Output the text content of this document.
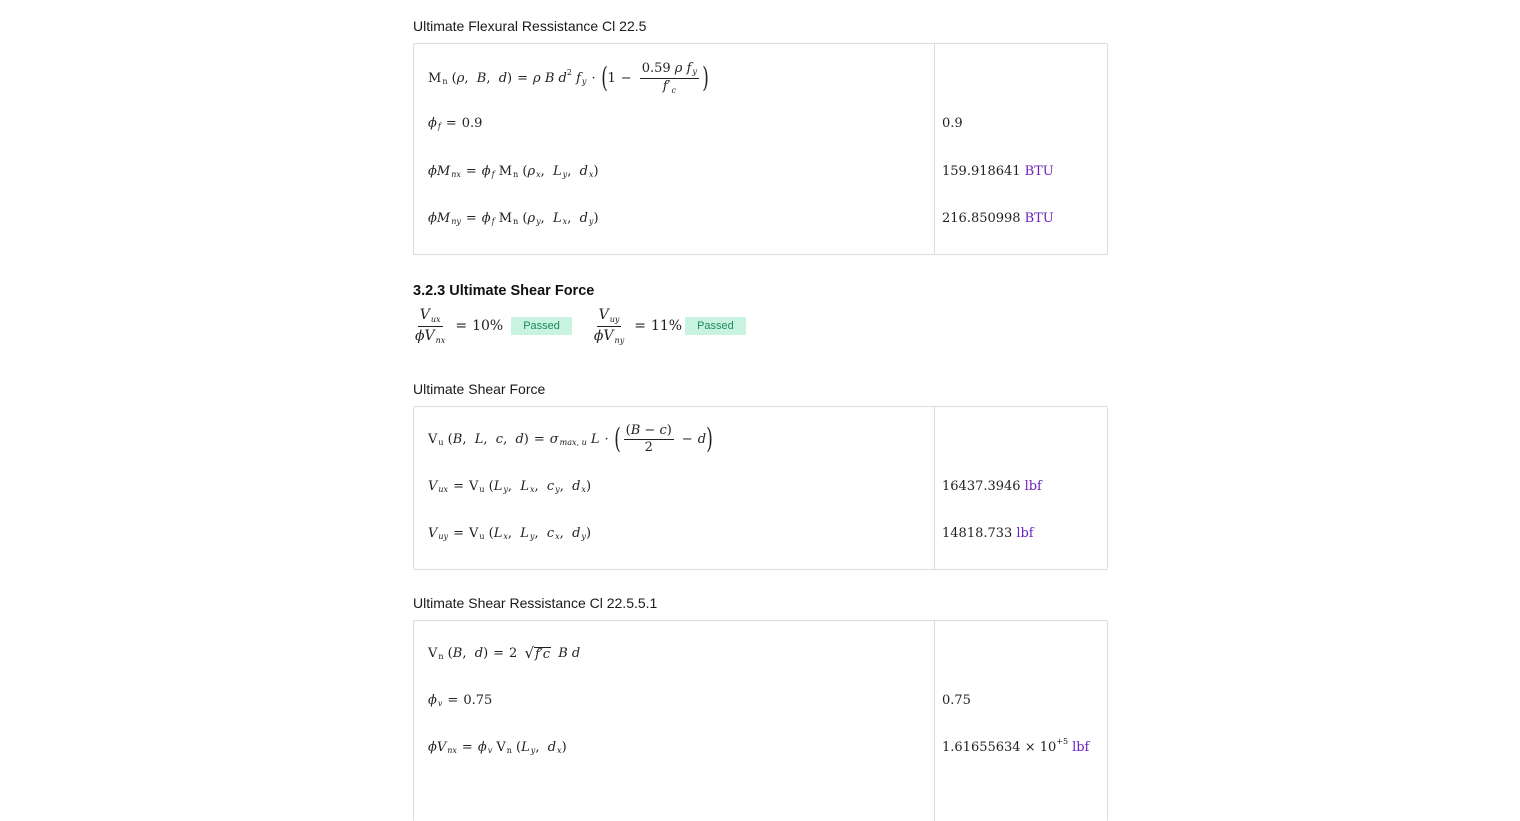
Ultimate Flexural Ressistance Cl 22.5
M n ( ρ , B , d ) = ρ
B
d 2
f y · ( $1 - \frac{\text{0.59 ρ fy}}{f'_c}$ )
ϕ f = 0.9	0.9
ϕM nx = ϕ f M n ( ρ x , L y , d x )	159.918641 BTU
ϕM ny = ϕ f M n ( ρ y , L x , d y )	216.850998 BTU
3.2.3 Ultimate Shear Force
$\frac{V_{ux}}{\phi V_{nx}} = 10\%$	Passed	$\frac{V_{uy}}{\phi V_{ny}} = 11\%$	Passed
Ultimate Shear Force
V u ( B , L , c , d ) = σ max, u
L · ( $\frac{(B - c)}{2} - d$ )
V ux = V u ( L y , L x , c y , d x )	16437.3946 lbf
V uy = V u ( L x , L y , c x , d y )	14818.733 lbf
Ultimate Shear Ressistance Cl 22.5.5.1
V n ( B , d ) = 2 √ f′c
B
d
ϕ v = 0.75	0.75
ϕV nx = ϕ v V n ( L y , d x )	1.61655634 × 10 +5 lbf
